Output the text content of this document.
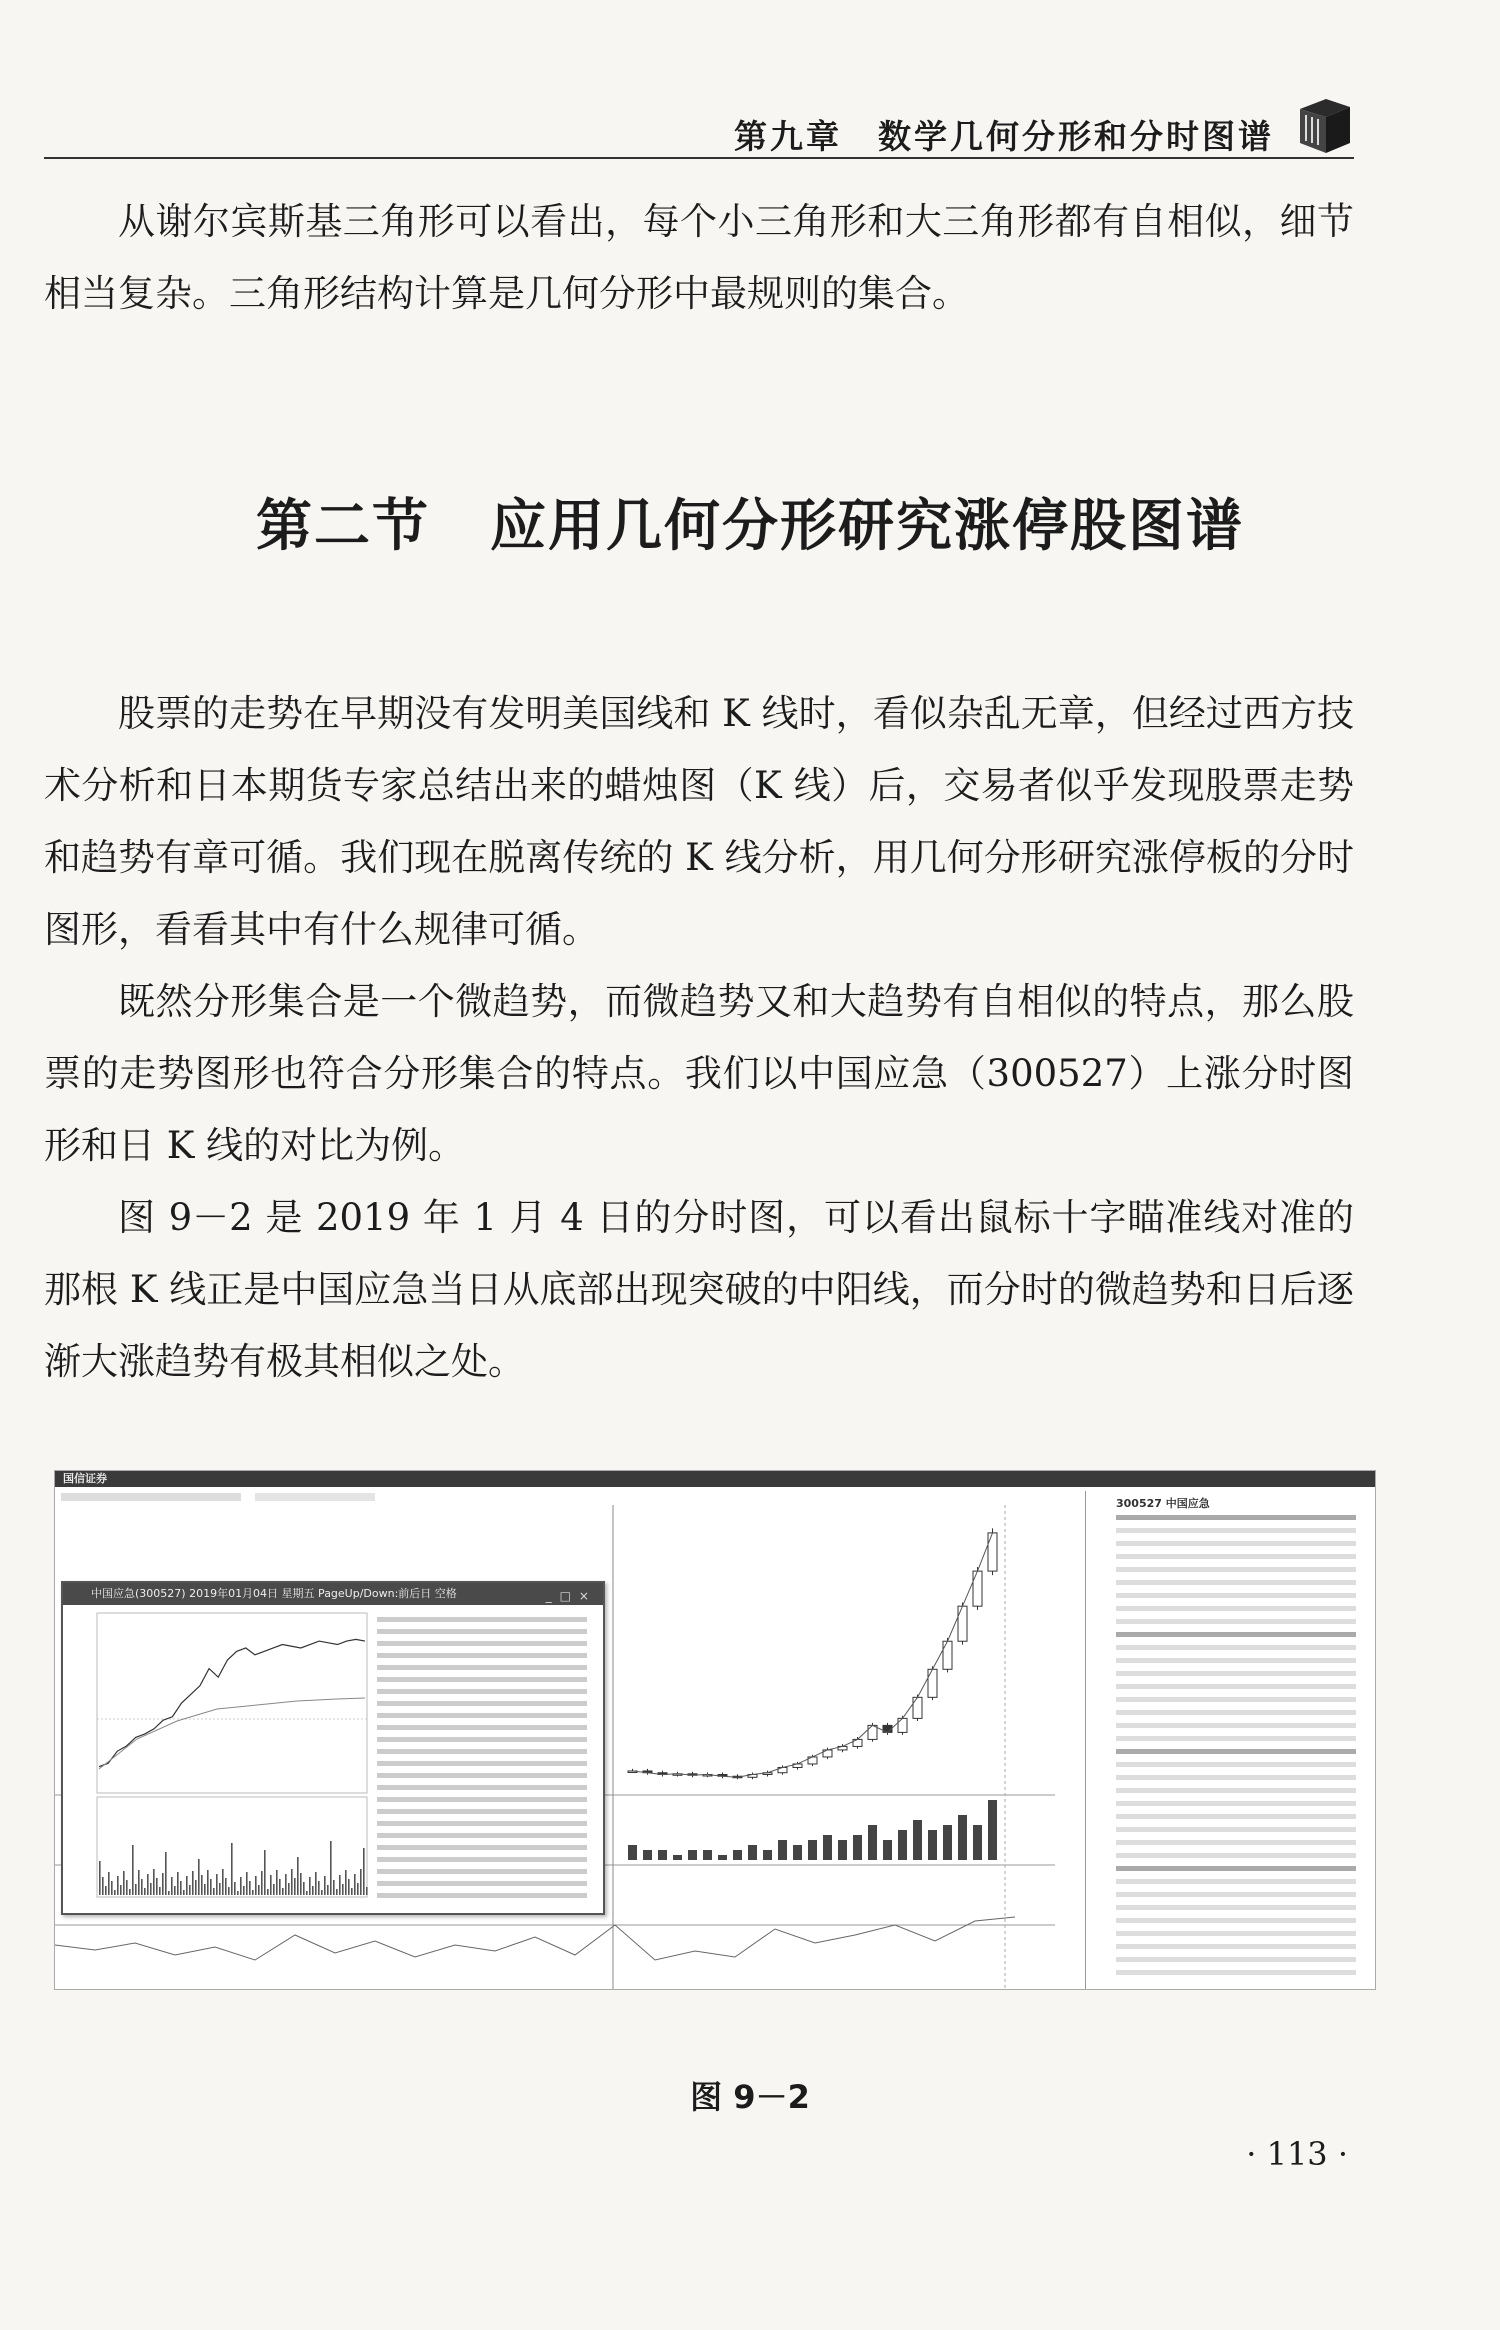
第九章　数学几何分形和分时图谱

从谢尔宾斯基三角形可以看出，每个小三角形和大三角形都有自相似，细节相当复杂。三角形结构计算是几何分形中最规则的集合。

第二节 应用几何分形研究涨停股图谱

股票的走势在早期没有发明美国线和 K 线时，看似杂乱无章，但经过西方技术分析和日本期货专家总结出来的蜡烛图（K 线）后，交易者似乎发现股票走势和趋势有章可循。我们现在脱离传统的 K 线分析，用几何分形研究涨停板的分时图形，看看其中有什么规律可循。

既然分形集合是一个微趋势，而微趋势又和大趋势有自相似的特点，那么股票的走势图形也符合分形集合的特点。我们以中国应急（300527）上涨分时图形和日 K 线的对比为例。

图 9－2 是 2019 年 1 月 4 日的分时图，可以看出鼠标十字瞄准线对准的那根 K 线正是中国应急当日从底部出现突破的中阳线，而分时的微趋势和日后逐渐大涨趋势有极其相似之处。

国信证券
300527 中国应急
中国应急(300527) 2019年01月04日 星期五 PageUp/Down:前后日 空格	_□×
图 9－2
· 113 ·
